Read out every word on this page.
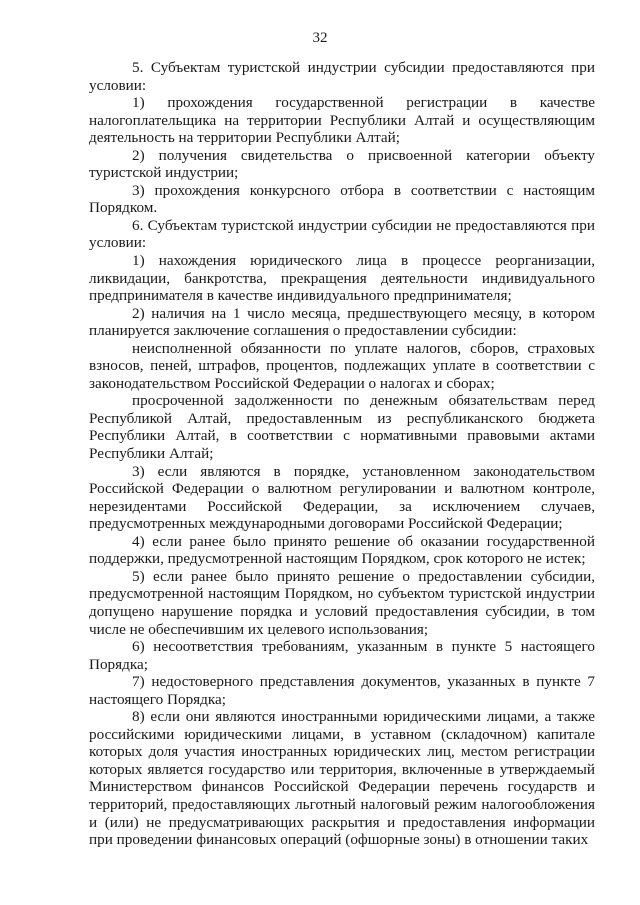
32

5. Субъектам туристской индустрии субсидии предоставляются при условии:

1) прохождения государственной регистрации в качестве налогоплательщика на территории Республики Алтай и осуществляющим деятельность на территории Республики Алтай;

2) получения свидетельства о присвоенной категории объекту туристской индустрии;

3) прохождения конкурсного отбора в соответствии с настоящим Порядком.

6. Субъектам туристской индустрии субсидии не предоставляются при условии:

1) нахождения юридического лица в процессе реорганизации, ликвидации, банкротства, прекращения деятельности индивидуального предпринимателя в качестве индивидуального предпринимателя;

2) наличия на 1 число месяца, предшествующего месяцу, в котором планируется заключение соглашения о предоставлении субсидии:

неисполненной обязанности по уплате налогов, сборов, страховых взносов, пеней, штрафов, процентов, подлежащих уплате в соответствии с законодательством Российской Федерации о налогах и сборах;

просроченной задолженности по денежным обязательствам перед Республикой Алтай, предоставленным из республиканского бюджета Республики Алтай, в соответствии с нормативными правовыми актами Республики Алтай;

3) если являются в порядке, установленном законодательством Российской Федерации о валютном регулировании и валютном контроле, нерезидентами Российской Федерации, за исключением случаев, предусмотренных международными договорами Российской Федерации;

4) если ранее было принято решение об оказании государственной поддержки, предусмотренной настоящим Порядком, срок которого не истек;

5) если ранее было принято решение о предоставлении субсидии, предусмотренной настоящим Порядком, но субъектом туристской индустрии допущено нарушение порядка и условий предоставления субсидии, в том числе не обеспечившим их целевого использования;

6) несоответствия требованиям, указанным в пункте 5 настоящего Порядка;

7) недостоверного представления документов, указанных в пункте 7 настоящего Порядка;

8) если они являются иностранными юридическими лицами, а также российскими юридическими лицами, в уставном (складочном) капитале которых доля участия иностранных юридических лиц, местом регистрации которых является государство или территория, включенные в утверждаемый Министерством финансов Российской Федерации перечень государств и территорий, предоставляющих льготный налоговый режим налогообложения и (или) не предусматривающих раскрытия и предоставления информации при проведении финансовых операций (офшорные зоны) в отношении таких
